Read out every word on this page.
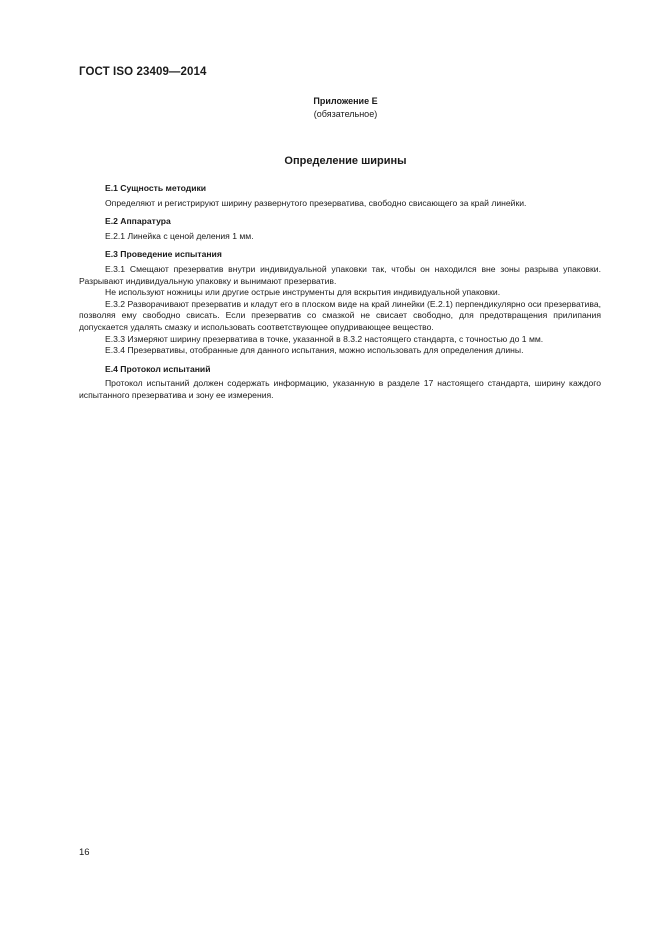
ГОСТ ISO 23409—2014
Приложение Е
(обязательное)
Определение ширины
Е.1 Сущность методики

Определяют и регистрируют ширину развернутого презерватива, свободно свисающего за край линейки.

Е.2 Аппаратура

Е.2.1 Линейка с ценой деления 1 мм.

Е.3 Проведение испытания

Е.3.1 Смещают презерватив внутри индивидуальной упаковки так, чтобы он находился вне зоны разрыва упаковки. Разрывают индивидуальную упаковку и вынимают презерватив.

Не используют ножницы или другие острые инструменты для вскрытия индивидуальной упаковки.

Е.3.2 Разворачивают презерватив и кладут его в плоском виде на край линейки (Е.2.1) перпендикулярно оси презерватива, позволяя ему свободно свисать. Если презерватив со смазкой не свисает свободно, для предотвращения прилипания допускается удалять смазку и использовать соответствующее опудривающее вещество.

Е.3.3 Измеряют ширину презерватива в точке, указанной в 8.3.2 настоящего стандарта, с точностью до 1 мм.

Е.3.4 Презервативы, отобранные для данного испытания, можно использовать для определения длины.

Е.4 Протокол испытаний

Протокол испытаний должен содержать информацию, указанную в разделе 17 настоящего стандарта, ширину каждого испытанного презерватива и зону ее измерения.

16
